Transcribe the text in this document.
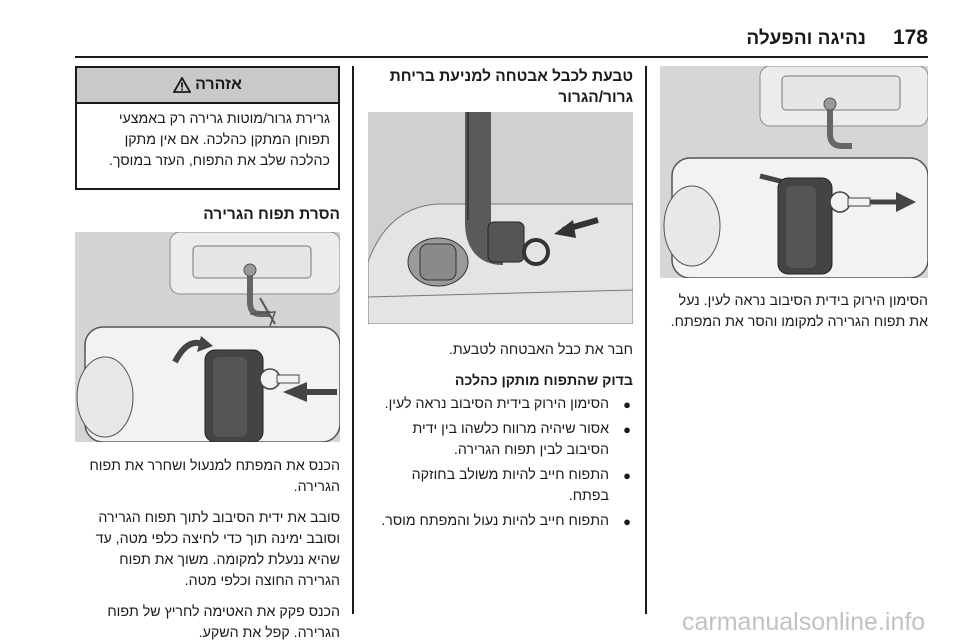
178
נהיגה והפעלה
אזהרה

גרירת גרור/מוטות גרירה רק באמצעי תפוחן המתקן כהלכה. אם אין מתקן כהלכה שלב את התפוח, העזר במוסך.

הסרת תפוח הגרירה

הכנס את המפתח למנעול ושחרר את תפוח הגרירה.

סובב את ידית הסיבוב לתוך תפוח הגרירה וסובב ימינה תוך כדי לחיצה כלפי מטה, עד שהיא ננעלת למקומה. משוך את תפוח הגרירה החוצה וכלפי מטה.

הכנס פקק את האטימה לחריץ של תפוח הגרירה. קפל את השקע.

טבעת לכבל אבטחה למניעת בריחת גרור/הגרור

חבר את כבל האבטחה לטבעת.

בדוק שהתפוח מותקן כהלכה

●
הסימון הירוק בידית הסיבוב נראה לעין.
●
אסור שיהיה מרווח כלשהו בין ידית הסיבוב לבין תפוח הגרירה.
●
התפוח חייב להיות משולב בחוזקה בפתח.
●
התפוח חייב להיות נעול והמפתח מוסר.

הסימון הירוק בידית הסיבוב נראה לעין. נעל את תפוח הגרירה למקומו והסר את המפתח.

carmanualsonline.info
